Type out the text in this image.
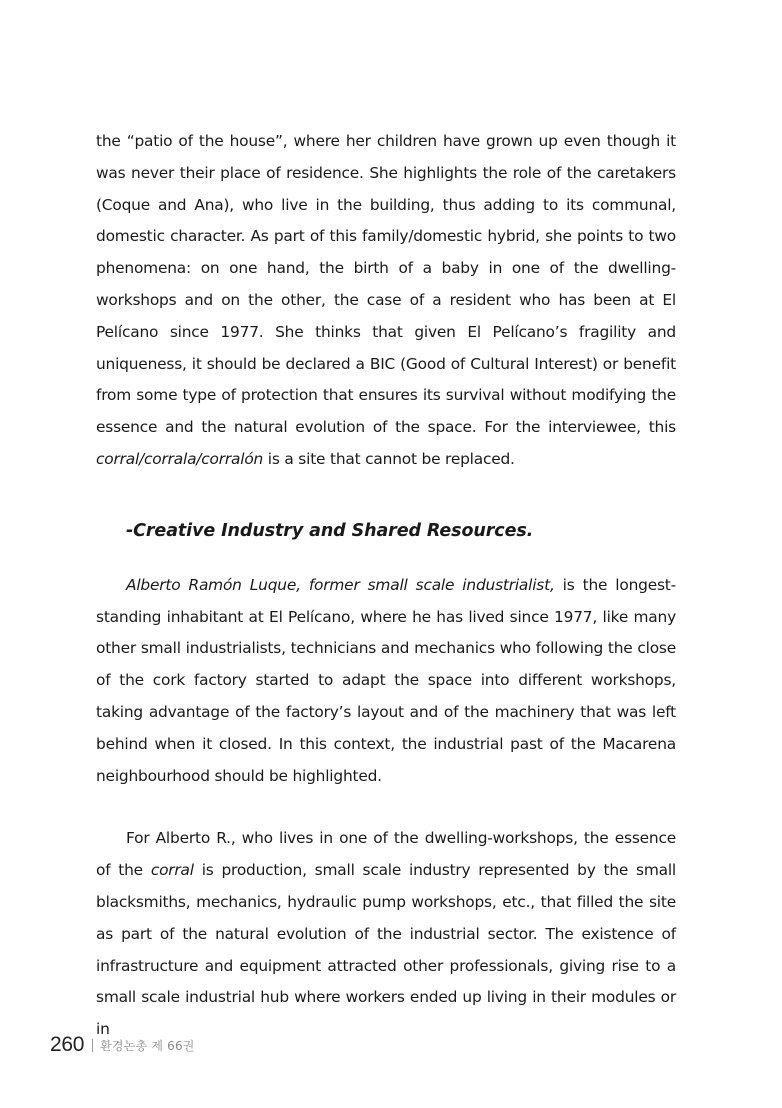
the “patio of the house”, where her children have grown up even though it was never their place of residence. She highlights the role of the caretakers (Coque and Ana), who live in the building, thus adding to its communal, domestic character. As part of this family/domestic hybrid, she points to two phenomena: on one hand, the birth of a baby in one of the dwelling-workshops and on the other, the case of a resident who has been at El Pelícano since 1977. She thinks that given El Pelícano’s fragility and uniqueness, it should be declared a BIC (Good of Cultural Interest) or benefit from some type of protection that ensures its survival without modifying the essence and the natural evolution of the space. For the interviewee, this corral/corrala/corralón is a site that cannot be replaced.

-Creative Industry and Shared Resources.

Alberto Ramón Luque, former small scale industrialist, is the longest-standing inhabitant at El Pelícano, where he has lived since 1977, like many other small industrialists, technicians and mechanics who following the close of the cork factory started to adapt the space into different workshops, taking advantage of the factory’s layout and of the machinery that was left behind when it closed. In this context, the industrial past of the Macarena neighbourhood should be highlighted.

For Alberto R., who lives in one of the dwelling-workshops, the essence of the corral is production, small scale industry represented by the small blacksmiths, mechanics, hydraulic pump workshops, etc., that filled the site as part of the natural evolution of the industrial sector. The existence of infrastructure and equipment attracted other professionals, giving rise to a small scale industrial hub where workers ended up living in their modules or in

260 환경논총 제 66권
